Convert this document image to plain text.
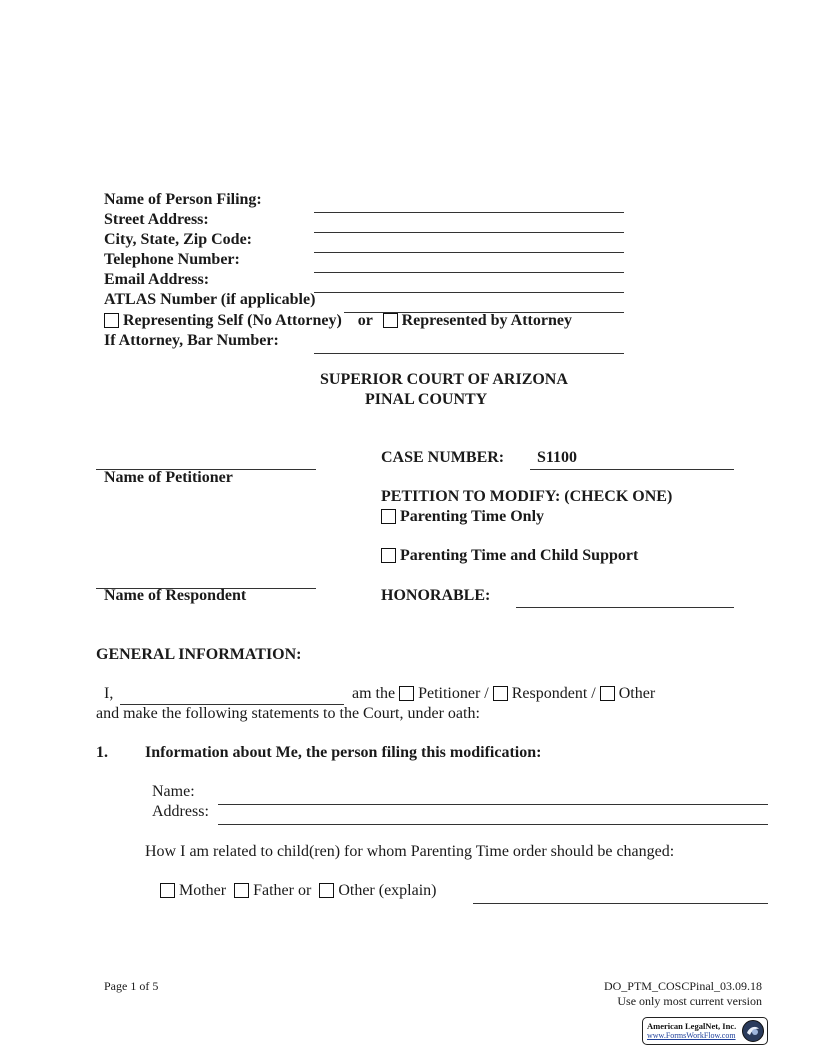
Name of Person Filing:
Street Address:
City, State, Zip Code:
Telephone Number:
Email Address:
ATLAS Number (if applicable)
Representing Self (No Attorney) or Represented by Attorney
If Attorney, Bar Number:
SUPERIOR COURT OF ARIZONA
PINAL COUNTY
Name of Petitioner
Name of Respondent
CASE NUMBER: S1100
PETITION TO MODIFY: (CHECK ONE)
Parenting Time Only
Parenting Time and Child Support
HONORABLE:
GENERAL INFORMATION:
I,	am the Petitioner / Respondent / Other
and make the following statements to the Court, under oath:
1. Information about Me, the person filing this modification:
Name:
Address:
How I am related to child(ren) for whom Parenting Time order should be changed:
Mother Father or Other (explain)
Page 1 of 5	DO_PTM_COSCPinal_03.09.18
Use only most current version
American LegalNet, Inc.
www.FormsWorkFlow.com
